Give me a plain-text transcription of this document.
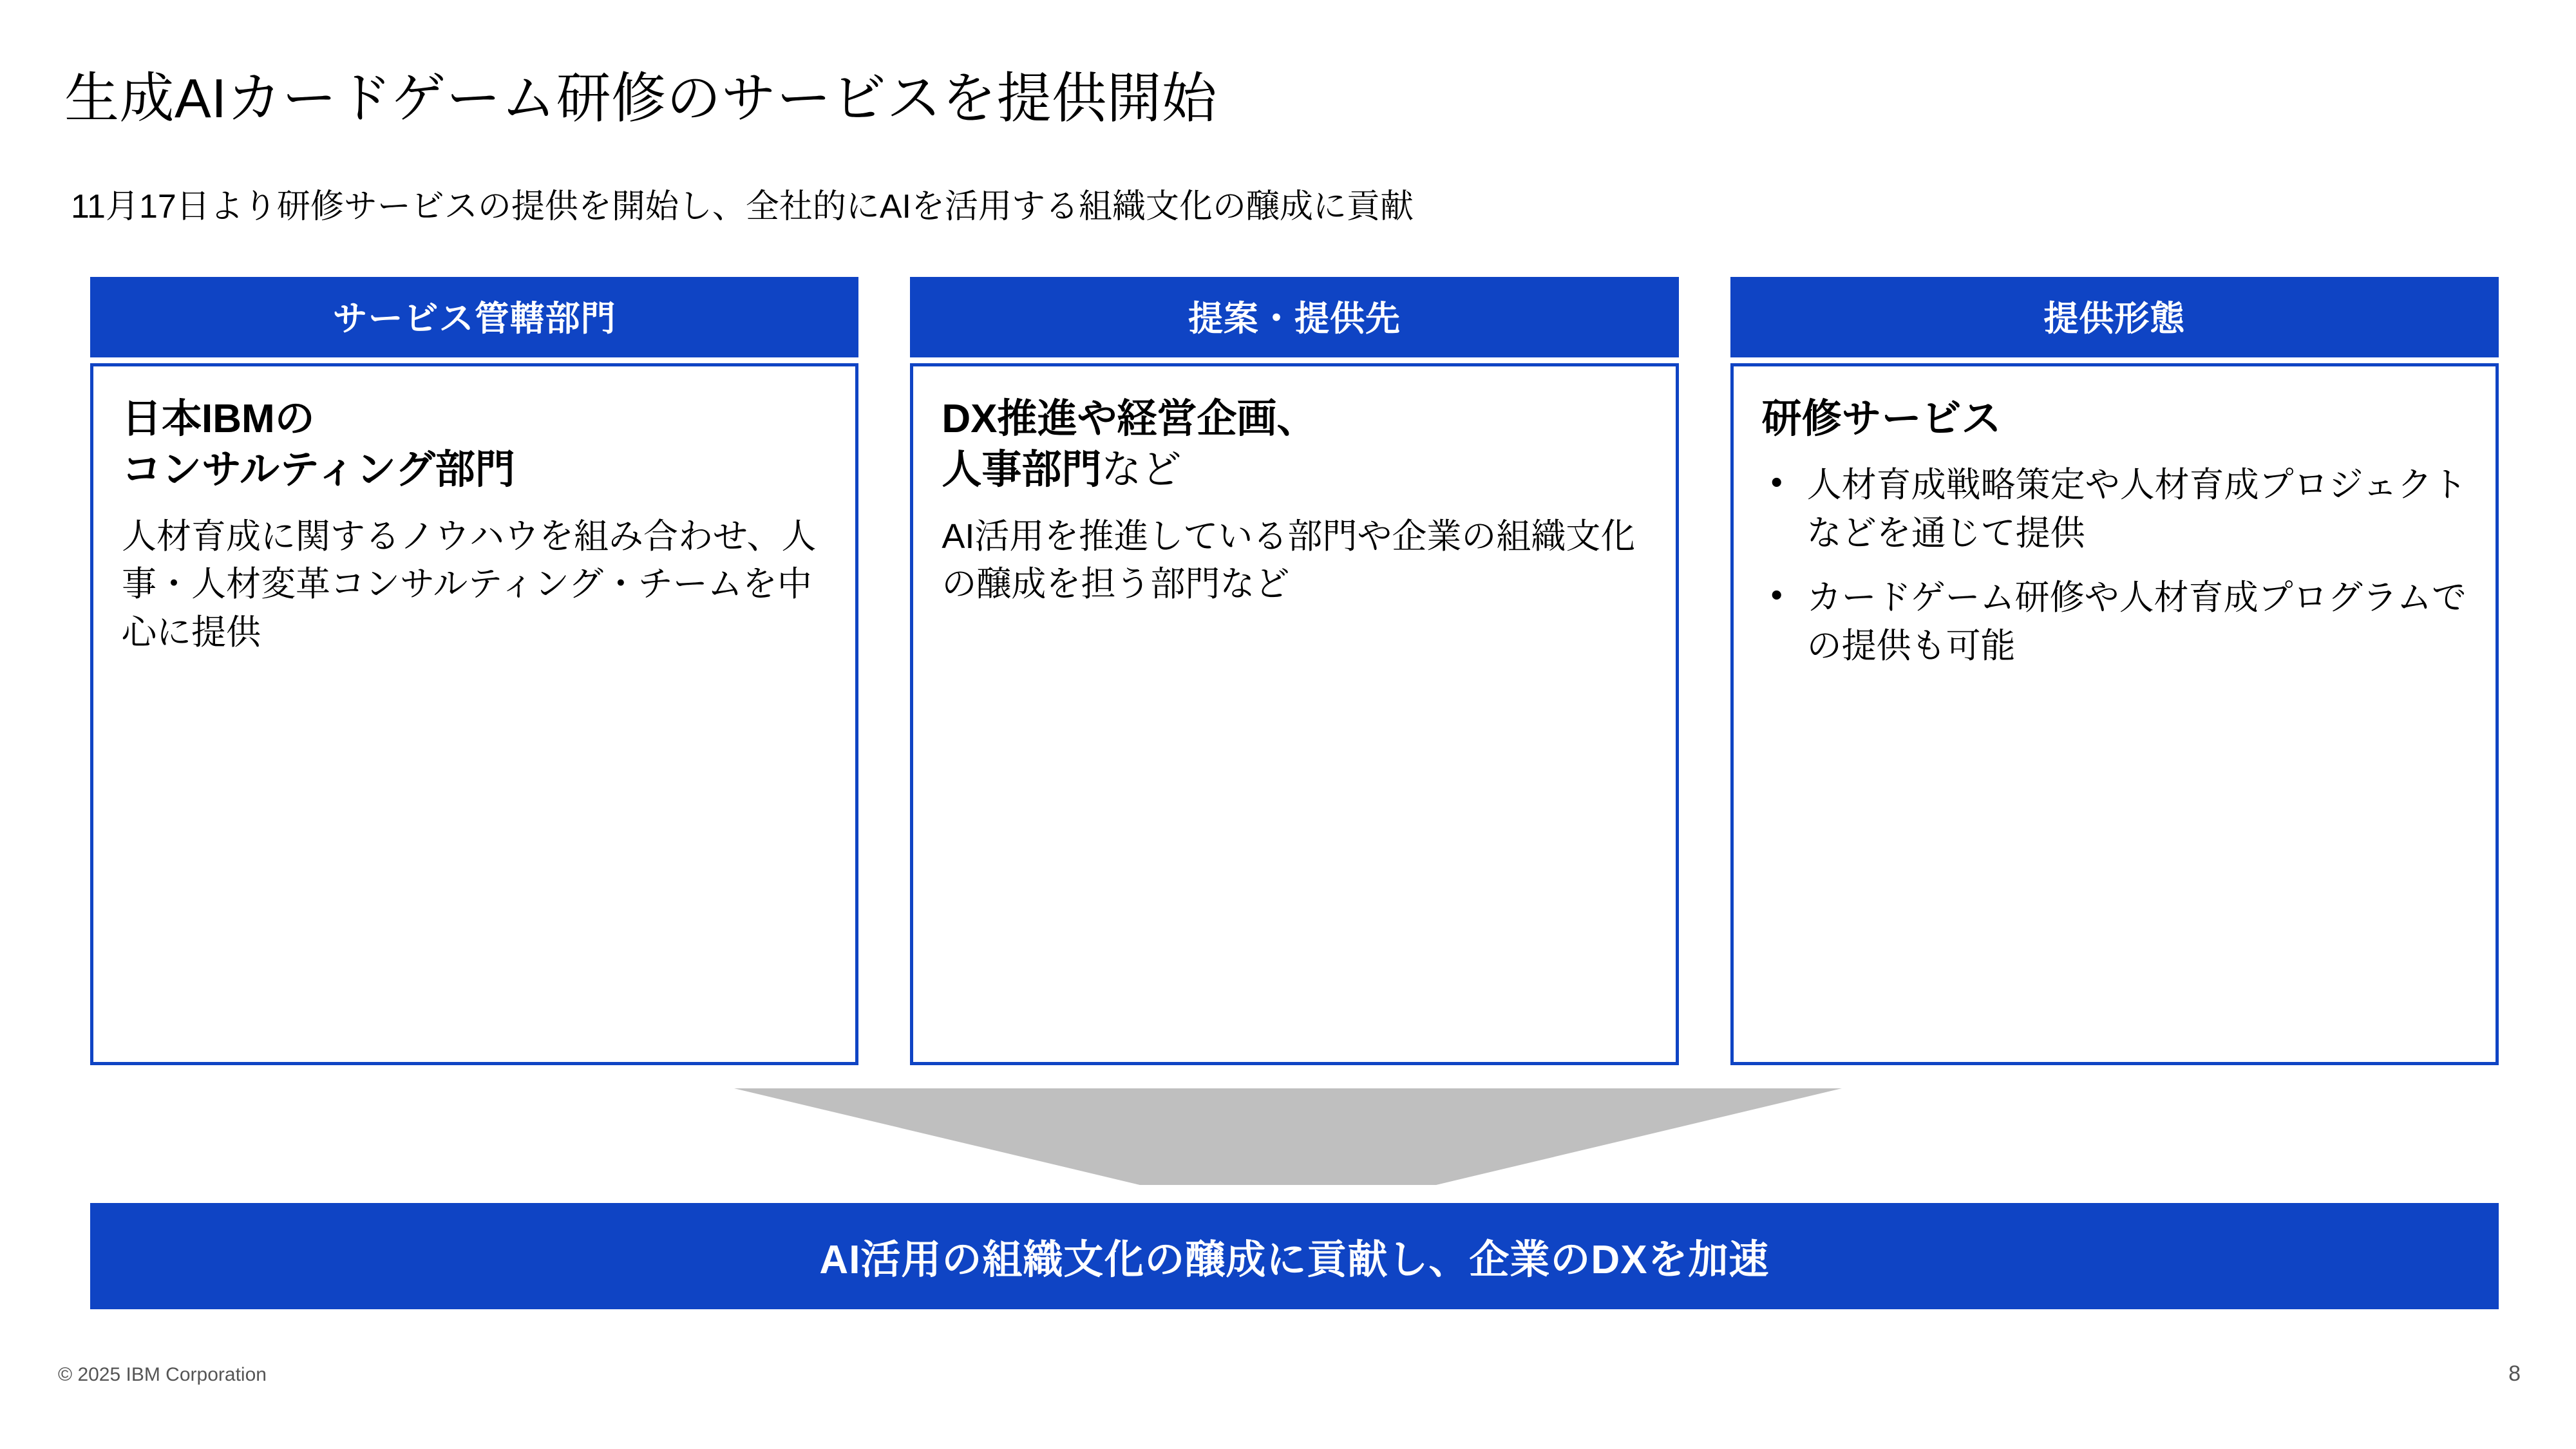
生成AIカードゲーム研修のサービスを提供開始
11月17日より研修サービスの提供を開始し、全社的にAIを活用する組織文化の醸成に貢献
サービス管轄部門
日本IBMの
コンサルティング部門

人材育成に関するノウハウを組み合わせ、人事・人材変革コンサルティング・チームを中心に提供

提案・提供先
DX推進や経営企画、
人事部門など

AI活用を推進している部門や企業の組織文化の醸成を担う部門など

提供形態
研修サービス
• 人材育成戦略策定や人材育成プロジェクトなどを通じて提供
• カードゲーム研修や人材育成プログラムでの提供も可能
AI活用の組織文化の醸成に貢献し、企業のDXを加速
© 2025 IBM Corporation	8
